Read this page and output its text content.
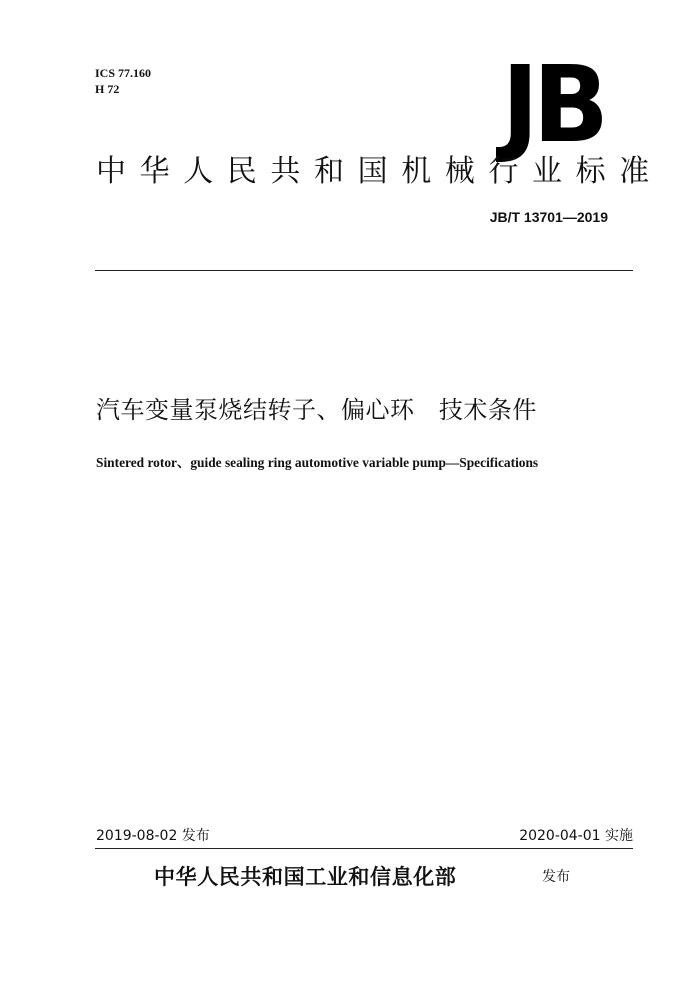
ICS 77.160
H 72	JB
中华人民共和国机械行业标准
JB/T 13701—2019
汽车变量泵烧结转子、偏心环   技术条件
Sintered rotor、guide sealing ring automotive variable pump—Specifications
2019-08-02 发布	2020-04-01 实施
中华人民共和国工业和信息化部	发布
